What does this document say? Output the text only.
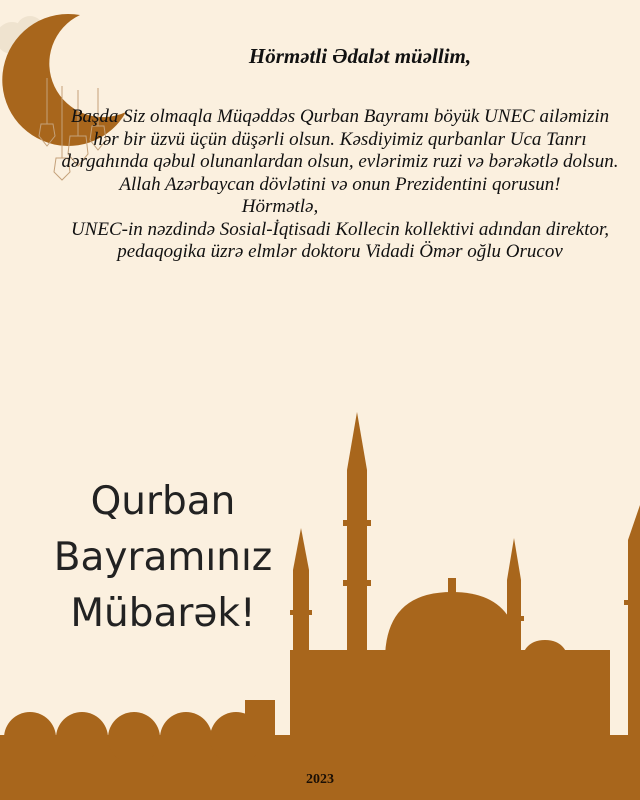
Hörmətli Ədalət müəllim,

Başda Siz olmaqla Müqəddəs Qurban Bayramı böyük UNEC ailəmizin hər bir üzvü üçün düşərli olsun. Kəsdiyimiz qurbanlar Uca Tanrı dərgahında qəbul olunanlardan olsun, evlərimiz ruzi və bərəkətlə dolsun.

Allah Azərbaycan dövlətini və onun Prezidentini qorusun!

Hörmətlə,

UNEC-in nəzdində Sosial-İqtisadi Kollecin kollektivi adından direktor, pedaqogika üzrə elmlər doktoru Vidadi Ömər oğlu Orucov

Qurban
Bayramınız
Mübarək!
2023
